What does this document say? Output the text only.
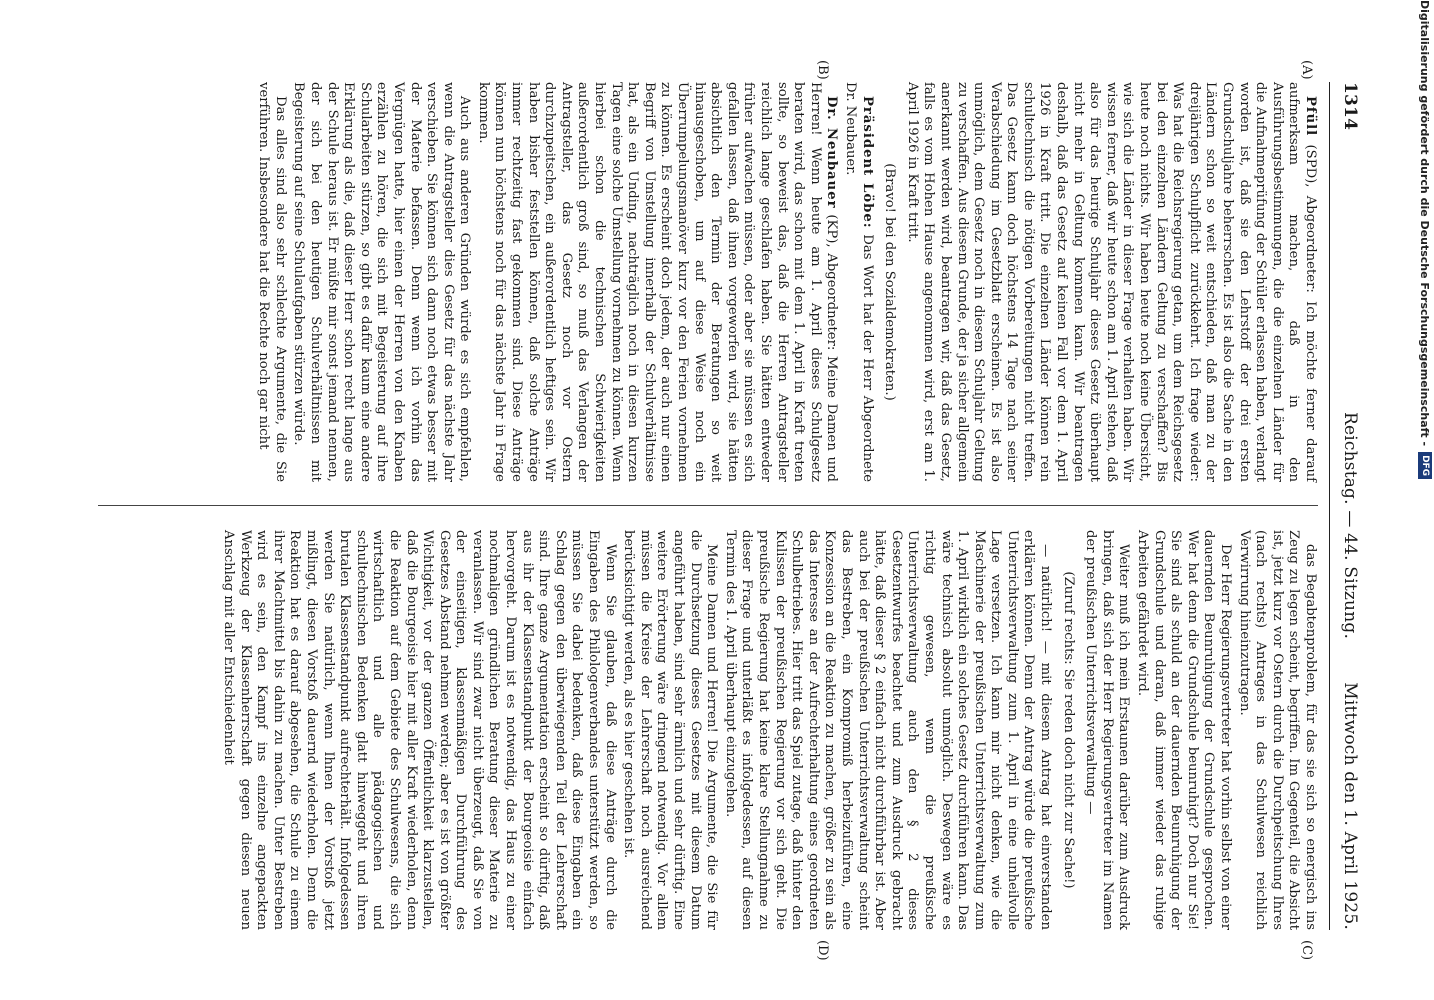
1314
Reichstag. — 44. Sitzung.
Mittwoch den 1. April 1925.
(A)
(B)
(C)
(D)

Pfüll (SPD), Abgeordneter: Ich möchte ferner darauf aufmerksam machen, daß in den Ausführungsbestimmungen, die die einzelnen Länder für die Aufnahmeprüfung der Schüler erlassen haben, verlangt worden ist, daß sie den Lehrstoff der drei ersten Grundschuljahre beherrschen. Es ist also die Sache in den Ländern schon so weit entschieden, daß man zu der dreijährigen Schulpflicht zurückkehrt. Ich frage wieder: Was hat die Reichsregierung getan, um dem Reichsgesetz bei den einzelnen Ländern Geltung zu verschaffen? Bis heute noch nichts. Wir haben heute noch keine Übersicht, wie sich die Länder in dieser Frage verhalten haben. Wir wissen ferner, daß wir heute schon am 1. April stehen, daß also für das heurige Schuljahr dieses Gesetz überhaupt nicht mehr in Geltung kommen kann. Wir beantragen deshalb, daß das Gesetz auf keinen Fall vor dem 1. April 1926 in Kraft tritt. Die einzelnen Länder können rein schultechnisch die nötigen Vorbereitungen nicht treffen. Das Gesetz kann doch höchstens 14 Tage nach seiner Verabschiedung im Gesetzblatt erscheinen. Es ist also unmöglich, dem Gesetz noch in diesem Schuljahr Geltung zu verschaffen. Aus diesem Grunde, der ja sicher allgemein anerkannt werden wird, beantragen wir, daß das Gesetz, falls es vom Hohen Hause angenommen wird, erst am 1. April 1926 in Kraft tritt.

(Bravo! bei den Sozialdemokraten.)

Präsident Löbe: Das Wort hat der Herr Abgeordnete Dr. Neubauer.

Dr. Neubauer (KP), Abgeordneter: Meine Damen und Herren! Wenn heute am 1. April dieses Schulgesetz beraten wird, das schon mit dem 1. April in Kraft treten sollte, so beweist das, daß die Herren Antragsteller reichlich lange geschlafen haben. Sie hätten entweder früher aufwachen müssen, oder aber sie müssen es sich gefallen lassen, daß ihnen vorgeworfen wird, sie hätten absichtlich den Termin der Beratungen so weit hinausgeschoben, um auf diese Weise noch ein Überrumpelungsmanöver kurz vor den Ferien vornehmen zu können. Es erscheint doch jedem, der auch nur einen Begriff von Umstellung innerhalb der Schulverhältnisse hat, als ein Unding, nachträglich noch in diesen kurzen Tagen eine solche Umstellung vornehmen zu können. Wenn hierbei schon die technischen Schwierigkeiten außerordentlich groß sind, so muß das Verlangen der Antragsteller, das Gesetz noch vor Ostern durchzupeitschen, ein außerordentlich heftiges sein. Wir haben bisher feststellen können, daß solche Anträge immer rechtzeitig fast gekommen sind. Diese Anträge können nun höchstens noch für das nächste Jahr in Frage kommen.

Auch aus anderen Gründen würde es sich empfehlen, wenn die Antragsteller dies Gesetz für das nächste Jahr verschieben. Sie können sich dann noch etwas besser mit der Materie befassen. Denn wenn ich vorhin das Vergnügen hatte, hier einen der Herren von den Knaben erzählen zu hören, die sich mit Begeisterung auf ihre Schularbeiten stürzen, so gibt es dafür kaum eine andere Erklärung als die, daß dieser Herr schon recht lange aus der Schule heraus ist. Er müßte mir sonst jemand nennen, der sich bei den heutigen Schulverhältnissen mit Begeisterung auf seine Schulaufgaben stürzen würde.

Das alles sind also sehr schlechte Argumente, die Sie verführen. Insbesondere hat die Rechte noch gar nicht

das Begabtenproblem, für das sie sich so energisch ins Zeug zu legen scheint, begriffen. Im Gegenteil, die Absicht ist, jetzt kurz vor Ostern durch die Durchpeitschung Ihres (nach rechts) Antrages in das Schulwesen reichlich Verwirrung hineinzutragen.

Der Herr Regierungsvertreter hat vorhin selbst von einer dauernden Beunruhigung der Grundschule gesprochen. Wer hat denn die Grundschule beunruhigt? Doch nur Sie! Sie sind als schuld an der dauernden Beunruhigung der Grundschule und daran, daß immer wieder das ruhige Arbeiten gefährdet wird.

Weiter muß ich mein Erstaunen darüber zum Ausdruck bringen, daß sich der Herr Regierungsvertreter im Namen der preußischen Unterrichtsverwaltung —

(Zuruf rechts: Sie reden doch nicht zur Sache!)

— natürlich! — mit diesem Antrag hat einverstanden erklären können. Denn der Antrag würde die preußische Unterrichtsverwaltung zum 1. April in eine unheilvolle Lage versetzen. Ich kann mir nicht denken, wie die Maschinerie der preußischen Unterrichtsverwaltung zum 1. April wirklich ein solches Gesetz durchführen kann. Das wäre technisch absolut unmöglich. Deswegen wäre es richtig gewesen, wenn die preußische Unterrichtsverwaltung auch den § 2 dieses Gesetzentwurfes beachtet und zum Ausdruck gebracht hätte, daß dieser § 2 einfach nicht durchführbar ist. Aber auch bei der preußischen Unterrichtsverwaltung scheint das Bestreben, ein Kompromiß herbeizuführen, eine Konzession an die Reaktion zu machen, größer zu sein als das Interesse an der Aufrechterhaltung eines geordneten Schulbetriebes. Hier tritt das Spiel zutage, daß hinter den Kulissen der preußischen Regierung vor sich geht. Die preußische Regierung hat keine klare Stellungnahme zu dieser Frage und unterläßt es infolgedessen, auf diesen Termin des 1. April überhaupt einzugehen.

Meine Damen und Herren! Die Argumente, die Sie für die Durchsetzung dieses Gesetzes mit diesem Datum angeführt haben, sind sehr ärmlich und sehr dürftig. Eine weitere Erörterung wäre dringend notwendig. Vor allem müssen die Kreise der Lehrerschaft noch ausreichend berücksichtigt werden, als es hier geschehen ist.

Wenn Sie glauben, daß diese Anträge durch die Eingaben des Philologenverbandes unterstützt werden, so müssen Sie dabei bedenken, daß diese Eingaben ein Schlag gegen den überwiegenden Teil der Lehrerschaft sind. Ihre ganze Argumentation erscheint so dürftig, daß aus ihr der Klassenstandpunkt der Bourgeoisie einfach hervorgeht. Darum ist es notwendig, das Haus zu einer nochmaligen gründlichen Beratung dieser Materie zu veranlassen. Wir sind zwar nicht überzeugt, daß Sie von der einseitigen, klassenmäßigen Durchführung des Gesetzes Abstand nehmen werden; aber es ist von größter Wichtigkeit, vor der ganzen Öffentlichkeit klarzustellen, daß die Bourgeoisie hier mit aller Kraft wiederholen, denn die Reaktion auf dem Gebiete des Schulwesens, die sich wirtschaftlich und alle pädagogischen und schultechnischen Bedenken glatt hinweggeht und ihren brutalen Klassenstandpunkt aufrechterhält. Infolgedessen werden Sie natürlich, wenn Ihnen der Vorstoß jetzt mißlingt, diesen Vorstoß dauernd wiederholen. Denn die Reaktion hat es darauf abgesehen, die Schule zu einem ihrer Machtmittel bis dahin zu machen. Unter Bestreben wird es sein, den Kampf ins einzelne angepackten Werkzeug der Klassenherrschaft gegen diesen neuen Anschlag mit aller Entschiedenheit

Digitalisierung gefördert durch die Deutsche Forschungsgemeinschaft -
DFG
